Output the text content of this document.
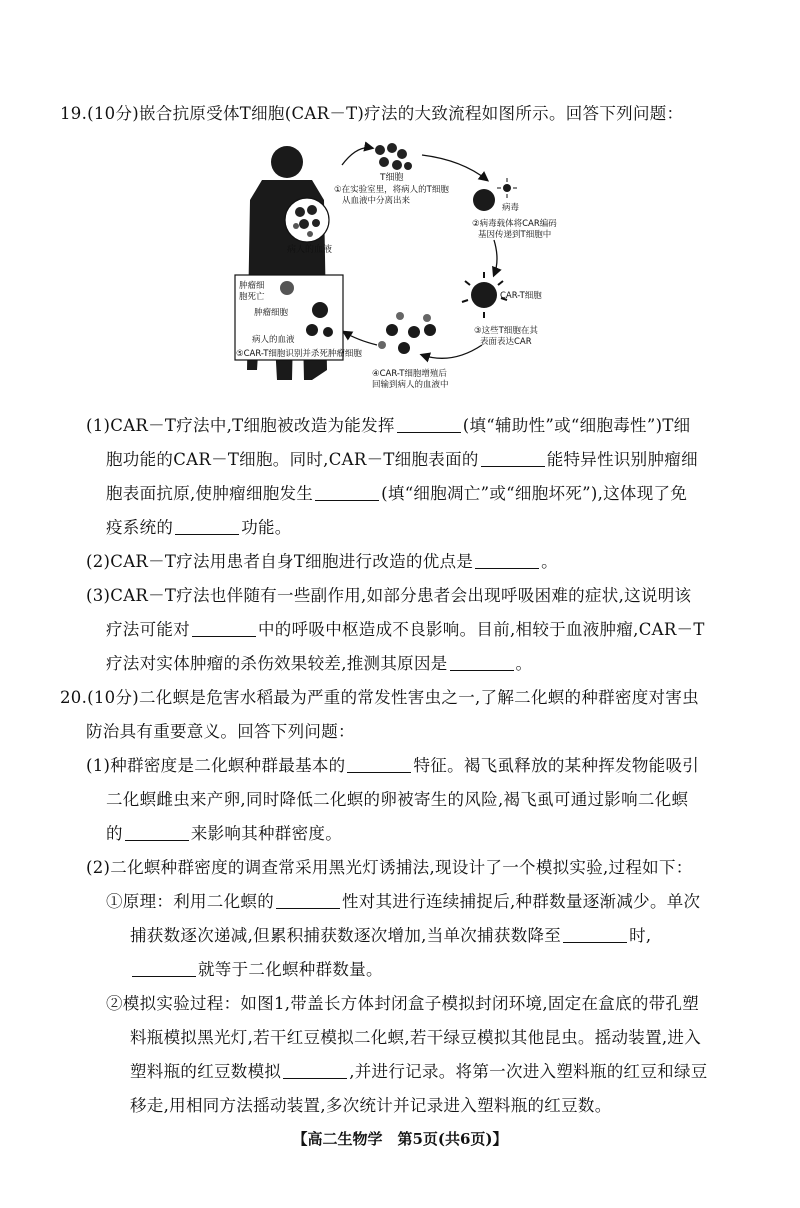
19.(10分)嵌合抗原受体T细胞(CAR－T)疗法的大致流程如图所示。回答下列问题：
病人的血液
T细胞
①在实验室里，将病人的T细胞
从血液中分离出来
病毒
②病毒载体将CAR编码
基因传递到T细胞中
CAR-T细胞
③这些T细胞在其
表面表达CAR
④CAR-T细胞增殖后
回输到病人的血液中
肿瘤细
胞死亡
肿瘤细胞
病人的血液
⑤CAR-T细胞识别并杀死肿瘤细胞
(1)CAR－T疗法中,T细胞被改造为能发挥	(填“辅助性”或“细胞毒性”)T细
胞功能的CAR－T细胞。同时,CAR－T细胞表面的	能特异性识别肿瘤细
胞表面抗原,使肿瘤细胞发生	(填“细胞凋亡”或“细胞坏死”),这体现了免
疫系统的	功能。
(2)CAR－T疗法用患者自身T细胞进行改造的优点是	。
(3)CAR－T疗法也伴随有一些副作用,如部分患者会出现呼吸困难的症状,这说明该
疗法可能对	中的呼吸中枢造成不良影响。目前,相较于血液肿瘤,CAR－T
疗法对实体肿瘤的杀伤效果较差,推测其原因是	。
20.(10分)二化螟是危害水稻最为严重的常发性害虫之一,了解二化螟的种群密度对害虫
防治具有重要意义。回答下列问题：
(1)种群密度是二化螟种群最基本的	特征。褐飞虱释放的某种挥发物能吸引
二化螟雌虫来产卵,同时降低二化螟的卵被寄生的风险,褐飞虱可通过影响二化螟
的	来影响其种群密度。
(2)二化螟种群密度的调查常采用黑光灯诱捕法,现设计了一个模拟实验,过程如下：
①原理：利用二化螟的	性对其进行连续捕捉后,种群数量逐渐减少。单次
捕获数逐次递减,但累积捕获数逐次增加,当单次捕获数降至	时,
就等于二化螟种群数量。
②模拟实验过程：如图1,带盖长方体封闭盒子模拟封闭环境,固定在盒底的带孔塑
料瓶模拟黑光灯,若干红豆模拟二化螟,若干绿豆模拟其他昆虫。摇动装置,进入
塑料瓶的红豆数模拟	,并进行记录。将第一次进入塑料瓶的红豆和绿豆
移走,用相同方法摇动装置,多次统计并记录进入塑料瓶的红豆数。
【高二生物学　第5页(共6页)】
